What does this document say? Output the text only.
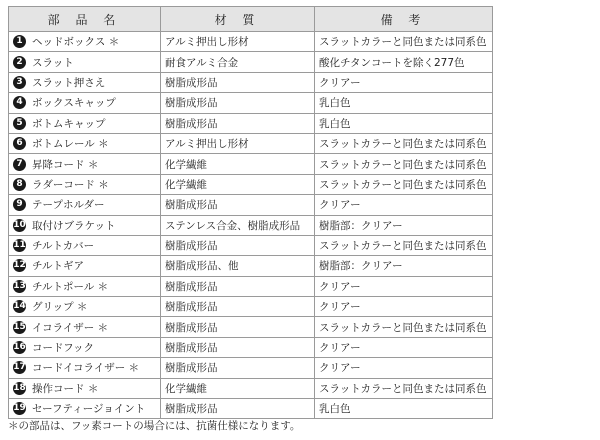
部 品 名	材 質	備 考
1 ヘッドボックス ＊	アルミ押出し形材	スラットカラーと同色または同系色
2 スラット	耐食アルミ合金	酸化チタンコートを除く277色
3 スラット押さえ	樹脂成形品	クリアー
4 ボックスキャップ	樹脂成形品	乳白色
5 ボトムキャップ	樹脂成形品	乳白色
6 ボトムレール ＊	アルミ押出し形材	スラットカラーと同色または同系色
7 昇降コード ＊	化学繊維	スラットカラーと同色または同系色
8 ラダーコード ＊	化学繊維	スラットカラーと同色または同系色
9 テープホルダー	樹脂成形品	クリアー
10 取付けブラケット	ステンレス合金、樹脂成形品	樹脂部：クリアー
11 チルトカバー	樹脂成形品	スラットカラーと同色または同系色
12 チルトギア	樹脂成形品、他	樹脂部：クリアー
13 チルトポール ＊	樹脂成形品	クリアー
14 グリップ ＊	樹脂成形品	クリアー
15 イコライザー ＊	樹脂成形品	スラットカラーと同色または同系色
16 コードフック	樹脂成形品	クリアー
17 コードイコライザー ＊	樹脂成形品	クリアー
18 操作コード ＊	化学繊維	スラットカラーと同色または同系色
19 セーフティージョイント	樹脂成形品	乳白色
＊の部品は、フッ素コートの場合には、抗菌仕様になります。
